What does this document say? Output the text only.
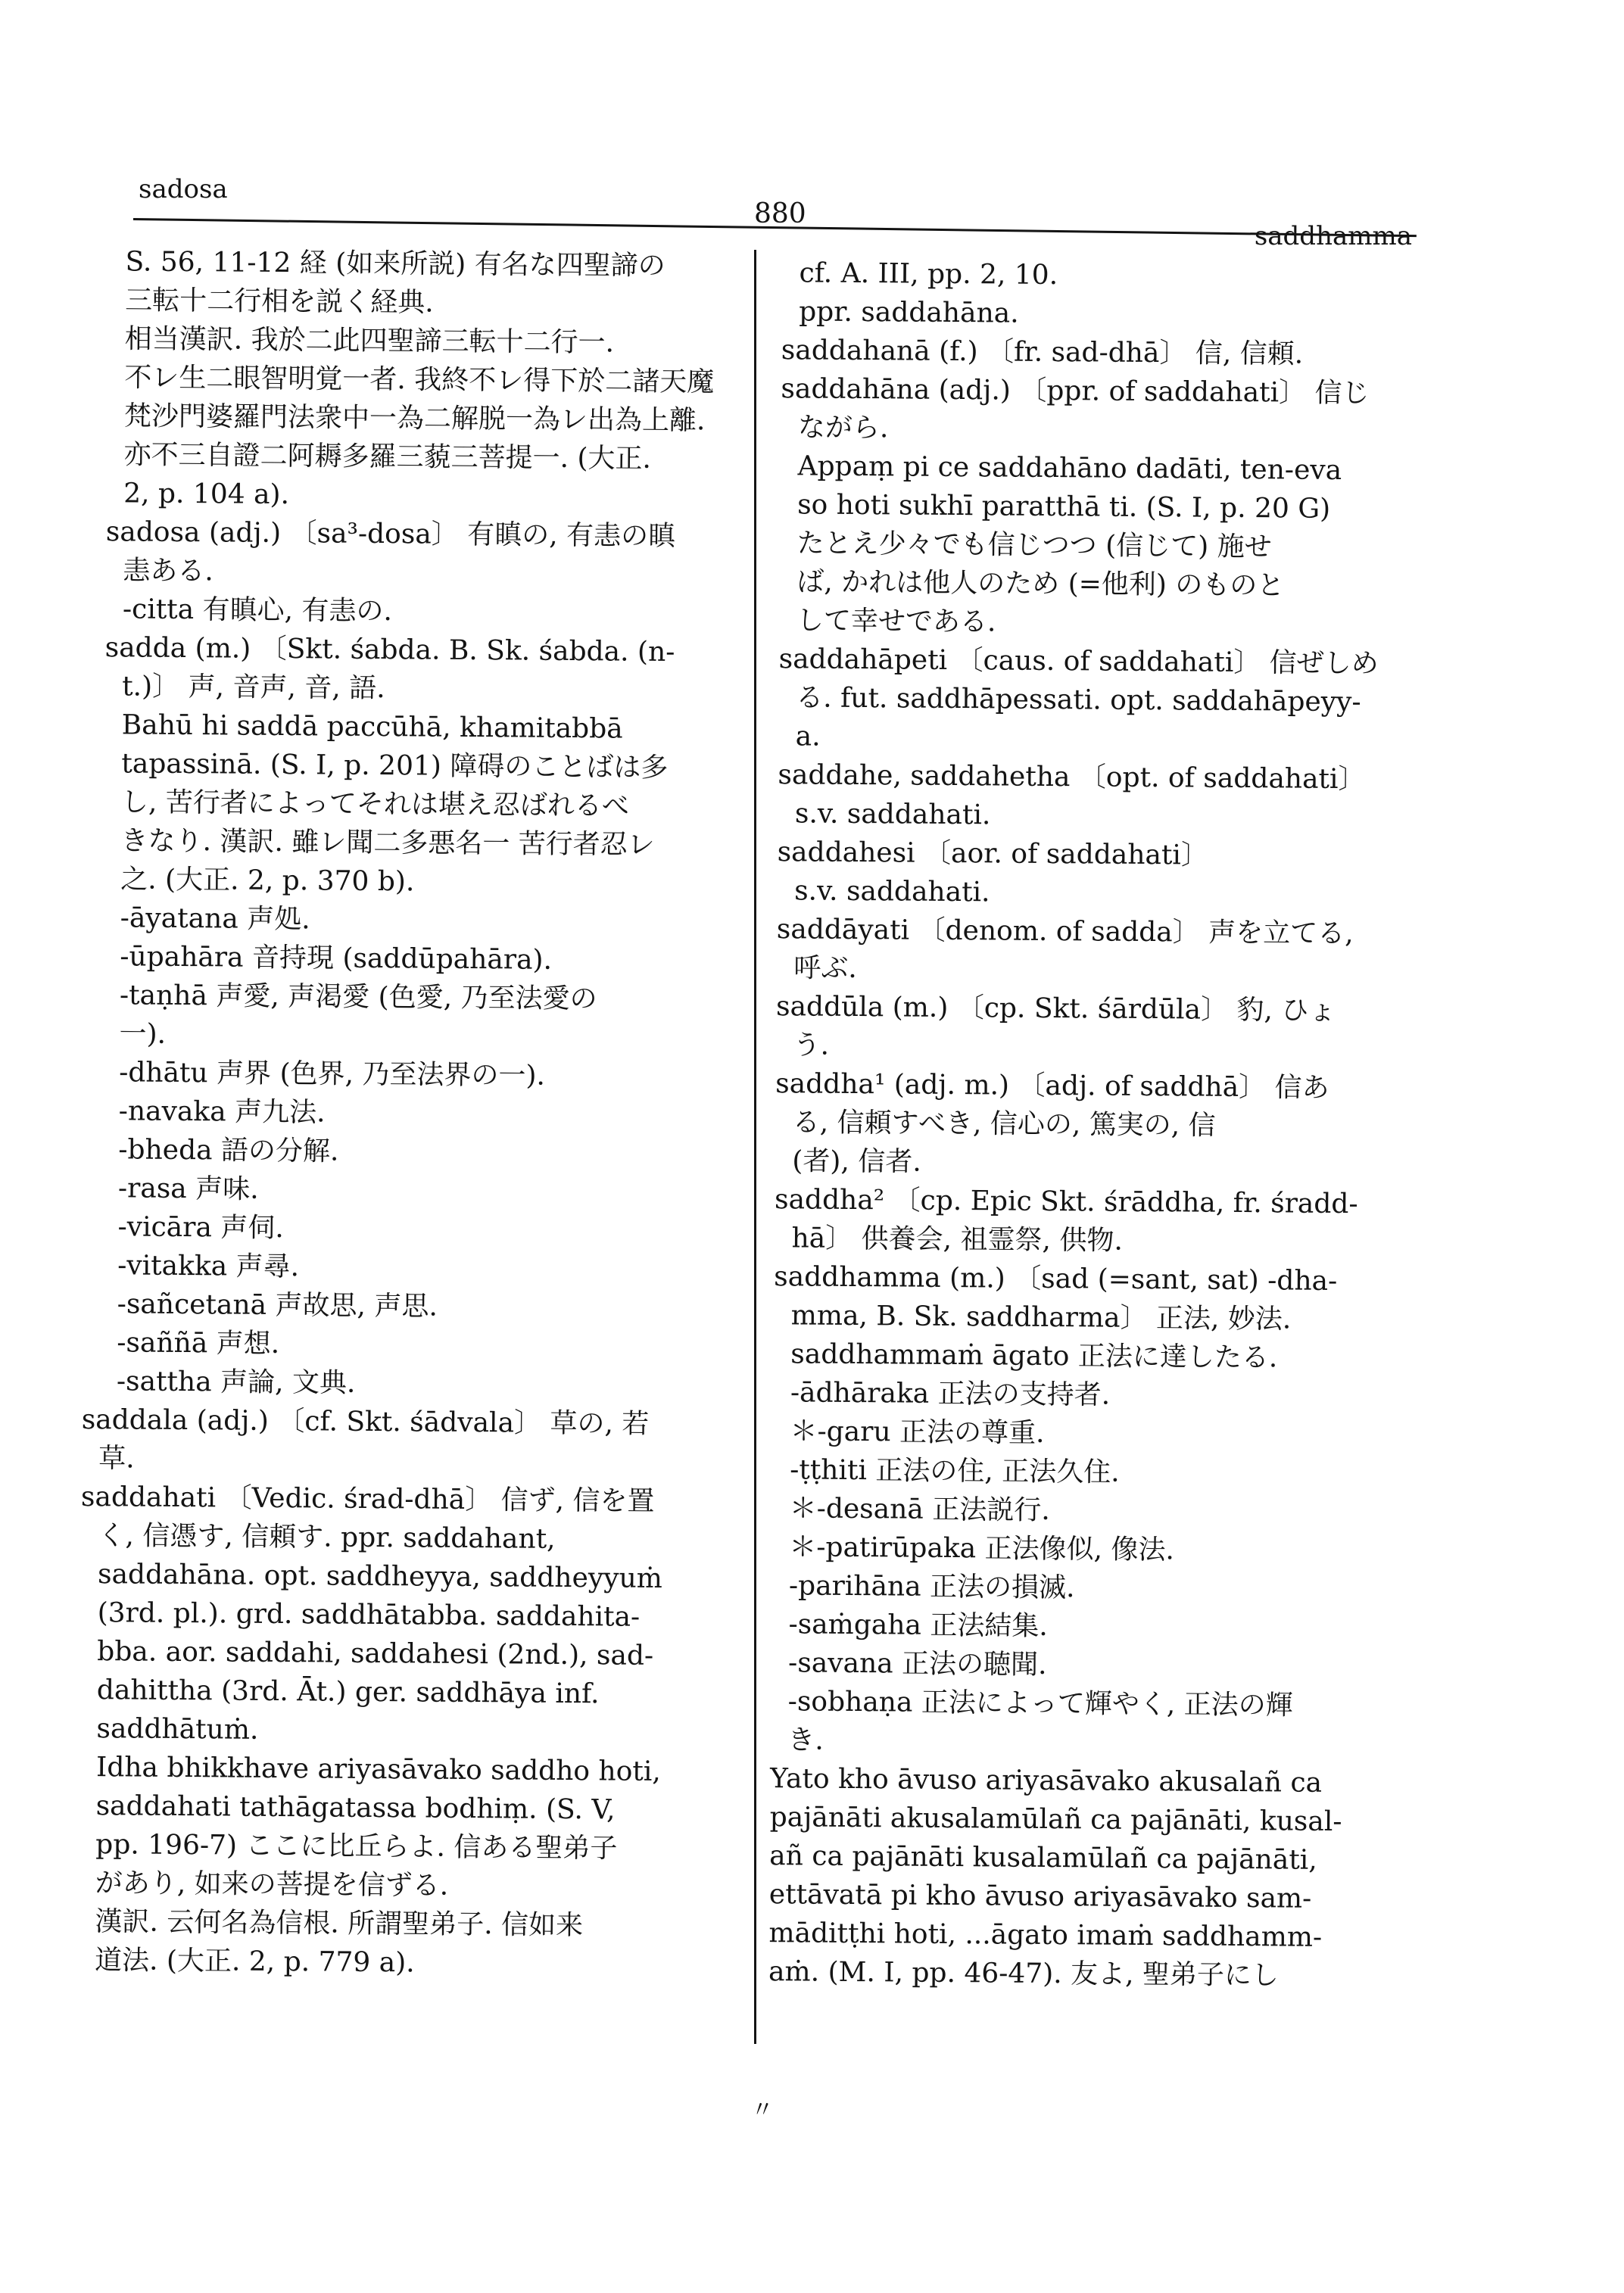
sadosa
880
saddhamma
S. 56, 11-12 経 (如来所説) 有名な四聖諦の
三転十二行相を説く経典.
相当漢訳. 我於二此四聖諦三転十二行一.
不レ生二眼智明覚一者. 我終不レ得下於二諸天魔
梵沙門婆羅門法衆中一為二解脱一為レ出為上離.
亦不三自證二阿耨多羅三藐三菩提一. (大正.
2, p. 104 a).
sadosa (adj.) 〔sa³-dosa〕 有瞋の, 有恚の瞋
恚ある.
-citta 有瞋心, 有恚の.
sadda (m.) 〔Skt. śabda. B. Sk. śabda. (n-
t.)〕 声, 音声, 音, 語.
Bahū hi saddā paccūhā, khamitabbā
tapassinā. (S. I, p. 201) 障碍のことばは多
し, 苦行者によってそれは堪え忍ばれるべ
きなり. 漢訳. 雖レ聞二多悪名一 苦行者忍レ
之. (大正. 2, p. 370 b).
-āyatana 声処.
-ūpahāra 音持現 (saddūpahāra).
-taṇhā 声愛, 声渇愛 (色愛, 乃至法愛の
一).
-dhātu 声界 (色界, 乃至法界の一).
-navaka 声九法.
-bheda 語の分解.
-rasa 声味.
-vicāra 声伺.
-vitakka 声尋.
-sañcetanā 声故思, 声思.
-saññā 声想.
-sattha 声論, 文典.
saddala (adj.) 〔cf. Skt. śādvala〕 草の, 若
草.
saddahati 〔Vedic. śrad-dhā〕 信ず, 信を置
く, 信憑す, 信頼す. ppr. saddahant,
saddahāna. opt. saddheyya, saddheyyuṁ
(3rd. pl.). grd. saddhātabba. saddahita-
bba. aor. saddahi, saddahesi (2nd.), sad-
dahittha (3rd. Āt.) ger. saddhāya inf.
saddhātuṁ.
Idha bhikkhave ariyasāvako saddho hoti,
saddahati tathāgatassa bodhiṃ. (S. V,
pp. 196-7) ここに比丘らよ. 信ある聖弟子
があり, 如来の菩提を信ずる.
漢訳. 云何名為信根. 所謂聖弟子. 信如来
道法. (大正. 2, p. 779 a).
cf. A. III, pp. 2, 10.
ppr. saddahāna.
saddahanā (f.) 〔fr. sad-dhā〕 信, 信頼.
saddahāna (adj.) 〔ppr. of saddahati〕 信じ
ながら.
Appaṃ pi ce saddahāno dadāti, ten-eva
so hoti sukhī paratthā ti. (S. I, p. 20 G)
たとえ少々でも信じつつ (信じて) 施せ
ば, かれは他人のため (=他利) のものと
して幸せである.
saddahāpeti 〔caus. of saddahati〕 信ぜしめ
る. fut. saddhāpessati. opt. saddahāpeyy-
a.
saddahe, saddahetha 〔opt. of saddahati〕
s.v. saddahati.
saddahesi 〔aor. of saddahati〕
s.v. saddahati.
saddāyati 〔denom. of sadda〕 声を立てる,
呼ぶ.
saddūla (m.) 〔cp. Skt. śārdūla〕 豹, ひょ
う.
saddha¹ (adj. m.) 〔adj. of saddhā〕 信あ
る, 信頼すべき, 信心の, 篤実の, 信
(者), 信者.
saddha² 〔cp. Epic Skt. śrāddha, fr. śradd-
hā〕 供養会, 祖霊祭, 供物.
saddhamma (m.) 〔sad (=sant, sat) -dha-
mma, B. Sk. saddharma〕 正法, 妙法.
saddhammaṁ āgato 正法に達したる.
-ādhāraka 正法の支持者.
＊-garu 正法の尊重.
-ṭṭhiti 正法の住, 正法久住.
＊-desanā 正法説行.
＊-patirūpaka 正法像似, 像法.
-parihāna 正法の損滅.
-saṁgaha 正法結集.
-savana 正法の聴聞.
-sobhaṇa 正法によって輝やく, 正法の輝
き.
Yato kho āvuso ariyasāvako akusalañ ca
pajānāti akusalamūlañ ca pajānāti, kusal-
añ ca pajānāti kusalamūlañ ca pajānāti,
ettāvatā pi kho āvuso ariyasāvako sam-
māditṭhi hoti, ...āgato imaṁ saddhamm-
aṁ. (M. I, pp. 46-47). 友よ, 聖弟子にし
〃
